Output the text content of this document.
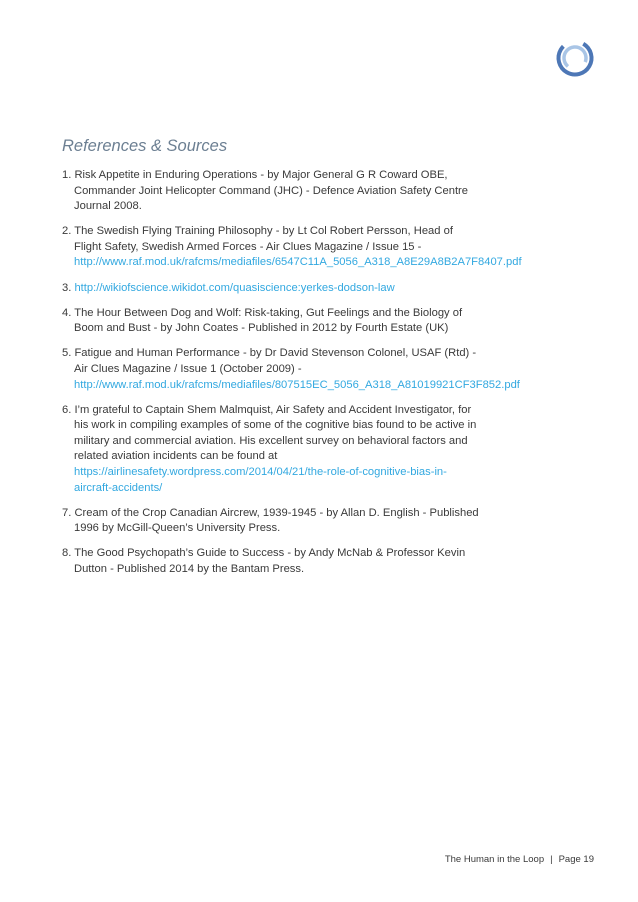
References & Sources
1. Risk Appetite in Enduring Operations - by Major General G R Coward OBE, Commander Joint Helicopter Command (JHC) - Defence Aviation Safety Centre Journal 2008.
2. The Swedish Flying Training Philosophy - by Lt Col Robert Persson, Head of Flight Safety, Swedish Armed Forces - Air Clues Magazine / Issue 15 - http://www.raf.mod.uk/rafcms/mediafiles/6547C11A_5056_A318_A8E29A8B2A7F8407.pdf
3. http://wikiofscience.wikidot.com/quasiscience:yerkes-dodson-law
4. The Hour Between Dog and Wolf: Risk-taking, Gut Feelings and the Biology of Boom and Bust - by John Coates - Published in 2012 by Fourth Estate (UK)
5. Fatigue and Human Performance - by Dr David Stevenson Colonel, USAF (Rtd) - Air Clues Magazine / Issue 1 (October 2009) - http://www.raf.mod.uk/rafcms/mediafiles/807515EC_5056_A318_A81019921CF3F852.pdf
6. I’m grateful to Captain Shem Malmquist, Air Safety and Accident Investigator, for his work in compiling examples of some of the cognitive bias found to be active in military and commercial aviation. His excellent survey on behavioral factors and related aviation incidents can be found at https://airlinesafety.wordpress.com/2014/04/21/the-role-of-cognitive-bias-in-aircraft-accidents/
7. Cream of the Crop Canadian Aircrew, 1939-1945 - by Allan D. English - Published 1996 by McGill-Queen’s University Press.
8. The Good Psychopath’s Guide to Success - by Andy McNab & Professor Kevin Dutton - Published 2014 by the Bantam Press.
The Human in the Loop | Page 19
